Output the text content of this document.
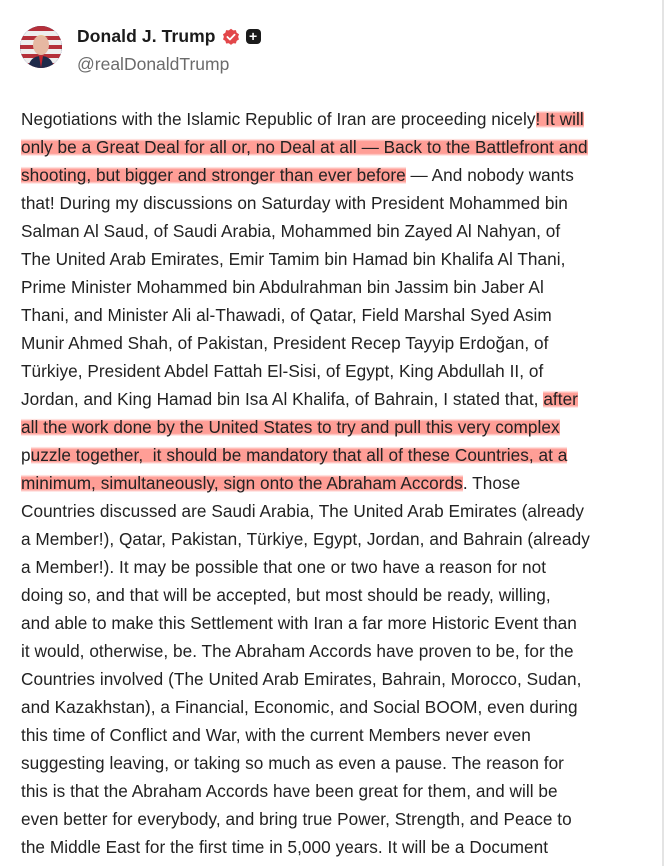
Donald J. Trump +
@realDonaldTrump
Negotiations with the Islamic Republic of Iran are proceeding nicely! It will
only be a Great Deal for all or, no Deal at all — Back to the Battlefront and
shooting, but bigger and stronger than ever before — And nobody wants
that! During my discussions on Saturday with President Mohammed bin
Salman Al Saud, of Saudi Arabia, Mohammed bin Zayed Al Nahyan, of
The United Arab Emirates, Emir Tamim bin Hamad bin Khalifa Al Thani,
Prime Minister Mohammed bin Abdulrahman bin Jassim bin Jaber Al
Thani, and Minister Ali al-Thawadi, of Qatar, Field Marshal Syed Asim
Munir Ahmed Shah, of Pakistan, President Recep Tayyip Erdoğan, of
Türkiye, President Abdel Fattah El-Sisi, of Egypt, King Abdullah II, of
Jordan, and King Hamad bin Isa Al Khalifa, of Bahrain, I stated that, after
all the work done by the United States to try and pull this very complex
puzzle together,  it should be mandatory that all of these Countries, at a
minimum, simultaneously, sign onto the Abraham Accords. Those
Countries discussed are Saudi Arabia, The United Arab Emirates (already
a Member!), Qatar, Pakistan, Türkiye, Egypt, Jordan, and Bahrain (already
a Member!). It may be possible that one or two have a reason for not
doing so, and that will be accepted, but most should be ready, willing,
and able to make this Settlement with Iran a far more Historic Event than
it would, otherwise, be. The Abraham Accords have proven to be, for the
Countries involved (The United Arab Emirates, Bahrain, Morocco, Sudan,
and Kazakhstan), a Financial, Economic, and Social BOOM, even during
this time of Conflict and War, with the current Members never even
suggesting leaving, or taking so much as even a pause. The reason for
this is that the Abraham Accords have been great for them, and will be
even better for everybody, and bring true Power, Strength, and Peace to
the Middle East for the first time in 5,000 years. It will be a Document
